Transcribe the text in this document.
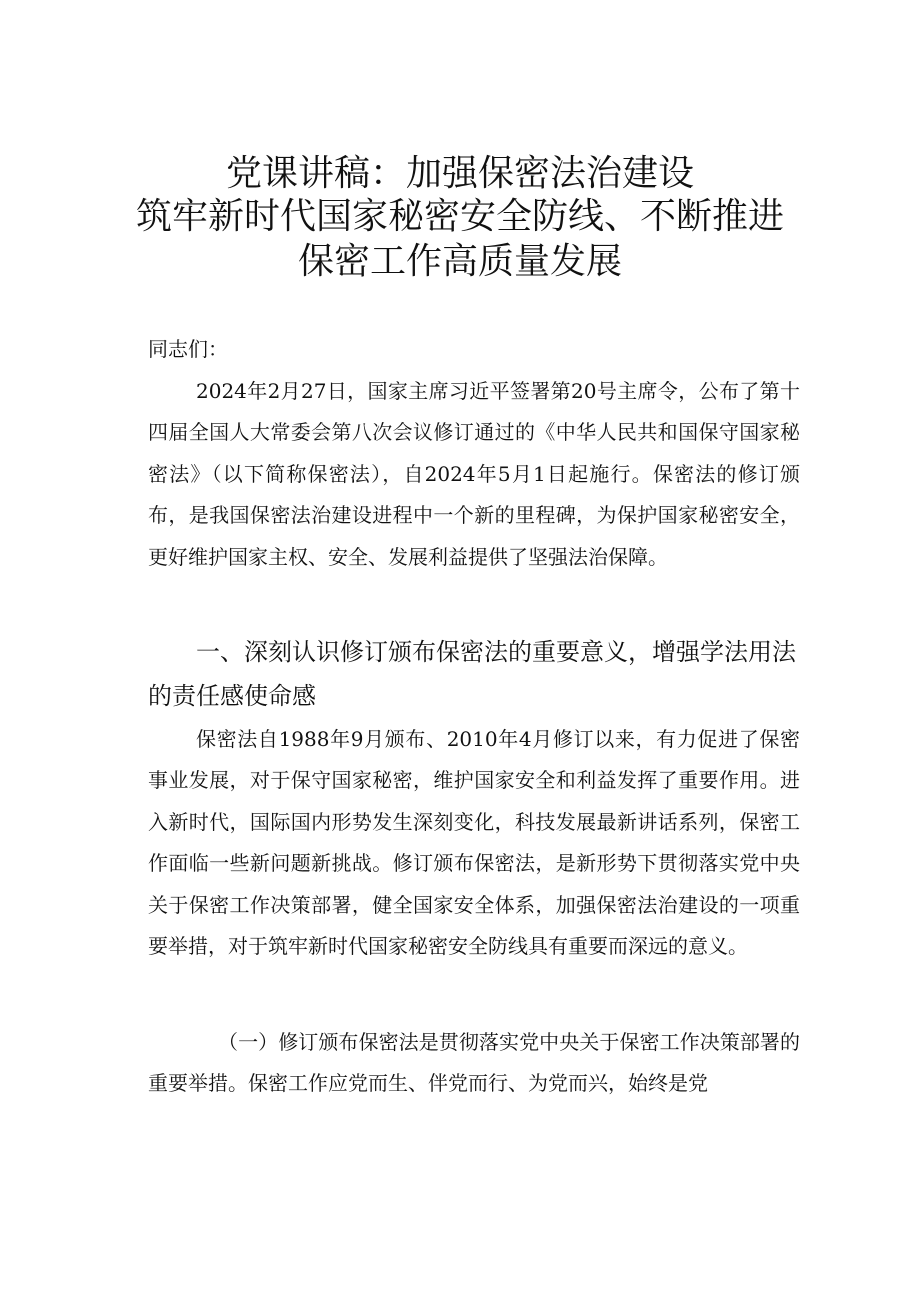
党课讲稿：加强保密法治建设
筑牢新时代国家秘密安全防线、不断推进
保密工作高质量发展
同志们：
2024年2月27日，国家主席习近平签署第20号主席令，公布了第十四届全国人大常委会第八次会议修订通过的《中华人民共和国保守国家秘密法》（以下简称保密法），自2024年5月1日起施行。保密法的修订颁布，是我国保密法治建设进程中一个新的里程碑，为保护国家秘密安全，更好维护国家主权、安全、发展利益提供了坚强法治保障。
一、深刻认识修订颁布保密法的重要意义，增强学法用法的责任感使命感
保密法自1988年9月颁布、2010年4月修订以来，有力促进了保密事业发展，对于保守国家秘密，维护国家安全和利益发挥了重要作用。进入新时代，国际国内形势发生深刻变化，科技发展最新讲话系列，保密工作面临一些新问题新挑战。修订颁布保密法，是新形势下贯彻落实党中央关于保密工作决策部署，健全国家安全体系，加强保密法治建设的一项重要举措，对于筑牢新时代国家秘密安全防线具有重要而深远的意义。
（一）修订颁布保密法是贯彻落实党中央关于保密工作决策部署的重要举措。保密工作应党而生、伴党而行、为党而兴，始终是党
